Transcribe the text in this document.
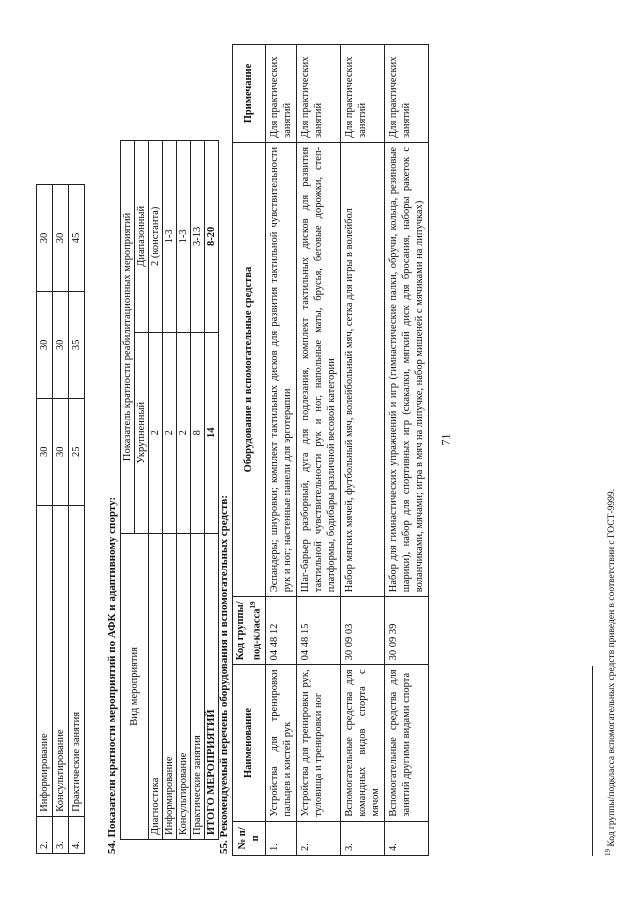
2.	Информирование	30	30	30
3.	Консультирование	30	30	30
4.	Практические занятия	25	35	45
54. Показатели кратности мероприятий по АФК и адаптивному спорту: Вид мероприятия	Показатель кратности реабилитационных мероприятий	
	Укрупненный	Диапазонный
Диагностика	2	2 (константа)
Информирование	2	1-3
Консультирование	2	1-3
Практические занятия	8	3-13
ИТОГО МЕРОПРИЯТИЙ	14	8-20
55. Рекомендуемый перечень оборудования и вспомогательных средств: № п/п	Наименование	Код группы/под-класса$^{19}$	Оборудование и вспомогательные средства	Примечание
1.	Устройства для тренировки пальцев и кистей рук	04 48 12	Эспандеры; шнуровки; комплект тактильных дисков для развития тактильной чувствительности рук и ног; настенные панели для эрготерапии	Для практических занятий
2.	Устройства для тренировки рук, туловища и тренировки ног	04 48 15	Шаг-барьер разборный, дуга для подлезания, комплект тактильных дисков для развития тактильной чувствительности рук и ног, напольные маты, брусья, беговые дорожки, степ-платформы, бодибары различной весовой категории	Для практических занятий
3.	Вспомогательные средства для командных видов спорта с мячом	30 09 03	Набор мягких мячей, футбольный мяч, волейбольный мяч, сетка для игры в волейбол	Для практических занятий
4.	Вспомогательные средства для занятий другими видами спорта	30 09 39	Набор для гимнастических упражнений и игр (гимнастические палки, обручи, кольца, резиновые шарики), набор для спортивных игр (скакалки, мягкий диск для бросания, наборы ракеток с воланчиками, мячами; игра в мяч на липучке, набор мишеней с мячиками на липучках)	Для практических занятий
$^{19}$ Код группы/подкласса вспомогательных средств приведен в соответствии с ГОСТ-9999.
71
